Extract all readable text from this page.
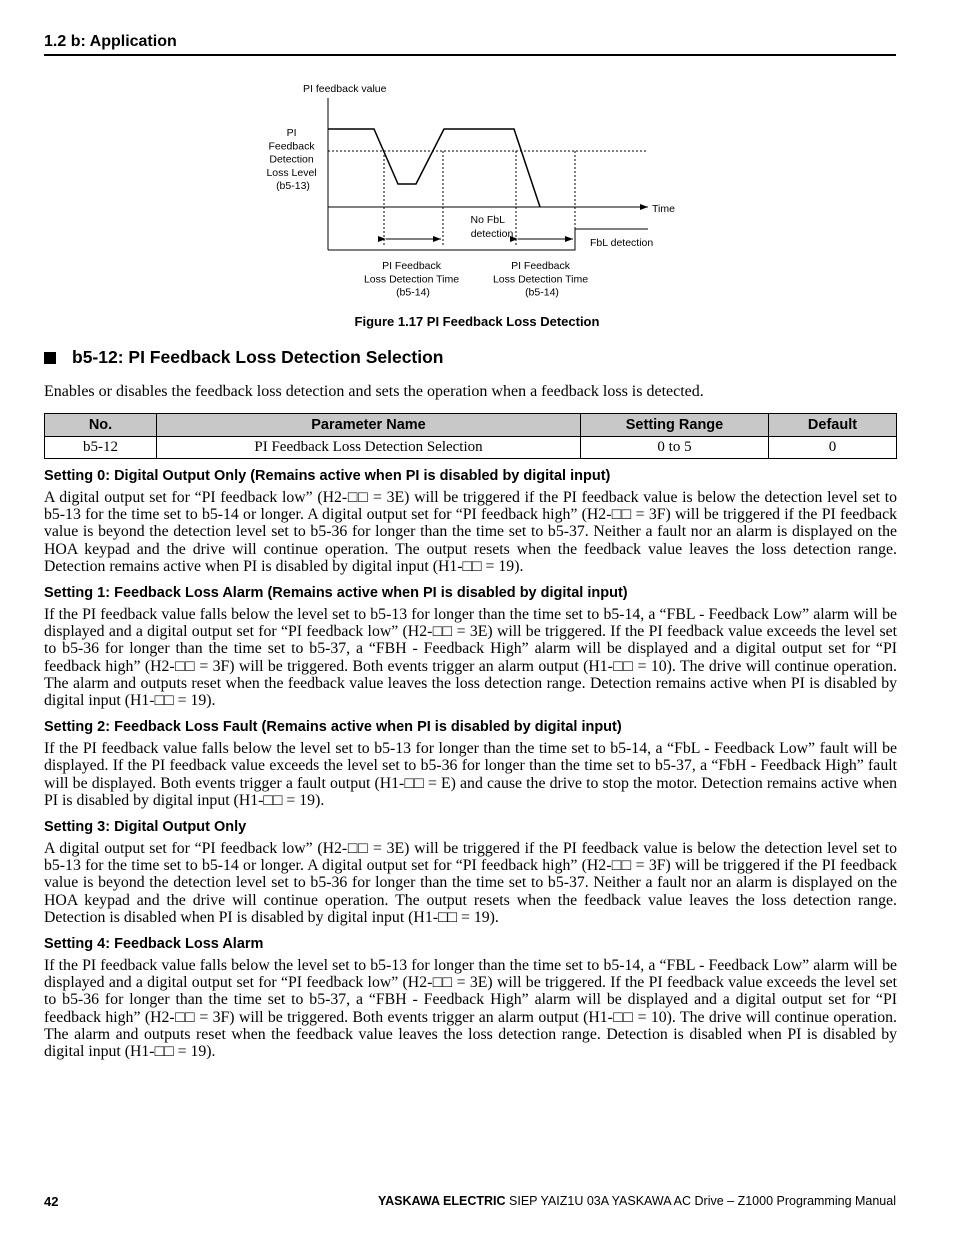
1.2 b: Application
PI feedback value
PI Feedback Detection Loss Level (b5-13)
Time
No FbL detection
FbL detection
PI Feedback Loss Detection Time (b5-14)
PI Feedback Loss Detection Time (b5-14)
Figure 1.17 PI Feedback Loss Detection
b5-12: PI Feedback Loss Detection Selection
Enables or disables the feedback loss detection and sets the operation when a feedback loss is detected.
No.	Parameter Name	Setting Range	Default
b5-12	PI Feedback Loss Detection Selection	0 to 5	0
Setting 0: Digital Output Only (Remains active when PI is disabled by digital input)
A digital output set for “PI feedback low” (H2-□□ = 3E) will be triggered if the PI feedback value is below the detection level set to b5-13 for the time set to b5-14 or longer. A digital output set for “PI feedback high” (H2-□□ = 3F) will be triggered if the PI feedback value is beyond the detection level set to b5-36 for longer than the time set to b5-37. Neither a fault nor an alarm is displayed on the HOA keypad and the drive will continue operation. The output resets when the feedback value leaves the loss detection range. Detection remains active when PI is disabled by digital input (H1-□□ = 19).
Setting 1: Feedback Loss Alarm (Remains active when PI is disabled by digital input)
If the PI feedback value falls below the level set to b5-13 for longer than the time set to b5-14, a “FBL - Feedback Low” alarm will be displayed and a digital output set for “PI feedback low” (H2-□□ = 3E) will be triggered. If the PI feedback value exceeds the level set to b5-36 for longer than the time set to b5-37, a “FBH - Feedback High” alarm will be displayed and a digital output set for “PI feedback high” (H2-□□ = 3F) will be triggered. Both events trigger an alarm output (H1-□□ = 10). The drive will continue operation. The alarm and outputs reset when the feedback value leaves the loss detection range. Detection remains active when PI is disabled by digital input (H1-□□ = 19).
Setting 2: Feedback Loss Fault (Remains active when PI is disabled by digital input)
If the PI feedback value falls below the level set to b5-13 for longer than the time set to b5-14, a “FbL - Feedback Low” fault will be displayed. If the PI feedback value exceeds the level set to b5-36 for longer than the time set to b5-37, a “FbH - Feedback High” fault will be displayed. Both events trigger a fault output (H1-□□ = E) and cause the drive to stop the motor. Detection remains active when PI is disabled by digital input (H1-□□ = 19).
Setting 3: Digital Output Only
A digital output set for “PI feedback low” (H2-□□ = 3E) will be triggered if the PI feedback value is below the detection level set to b5-13 for the time set to b5-14 or longer. A digital output set for “PI feedback high” (H2-□□ = 3F) will be triggered if the PI feedback value is beyond the detection level set to b5-36 for longer than the time set to b5-37. Neither a fault nor an alarm is displayed on the HOA keypad and the drive will continue operation. The output resets when the feedback value leaves the loss detection range. Detection is disabled when PI is disabled by digital input (H1-□□ = 19).
Setting 4: Feedback Loss Alarm
If the PI feedback value falls below the level set to b5-13 for longer than the time set to b5-14, a “FBL - Feedback Low” alarm will be displayed and a digital output set for “PI feedback low” (H2-□□ = 3E) will be triggered. If the PI feedback value exceeds the level set to b5-36 for longer than the time set to b5-37, a “FBH - Feedback High” alarm will be displayed and a digital output set for “PI feedback high” (H2-□□ = 3F) will be triggered. Both events trigger an alarm output (H1-□□ = 10). The drive will continue operation. The alarm and outputs reset when the feedback value leaves the loss detection range. Detection is disabled when PI is disabled by digital input (H1-□□ = 19).
42	YASKAWA ELECTRIC SIEP YAIZ1U 03A YASKAWA AC Drive – Z1000 Programming Manual
